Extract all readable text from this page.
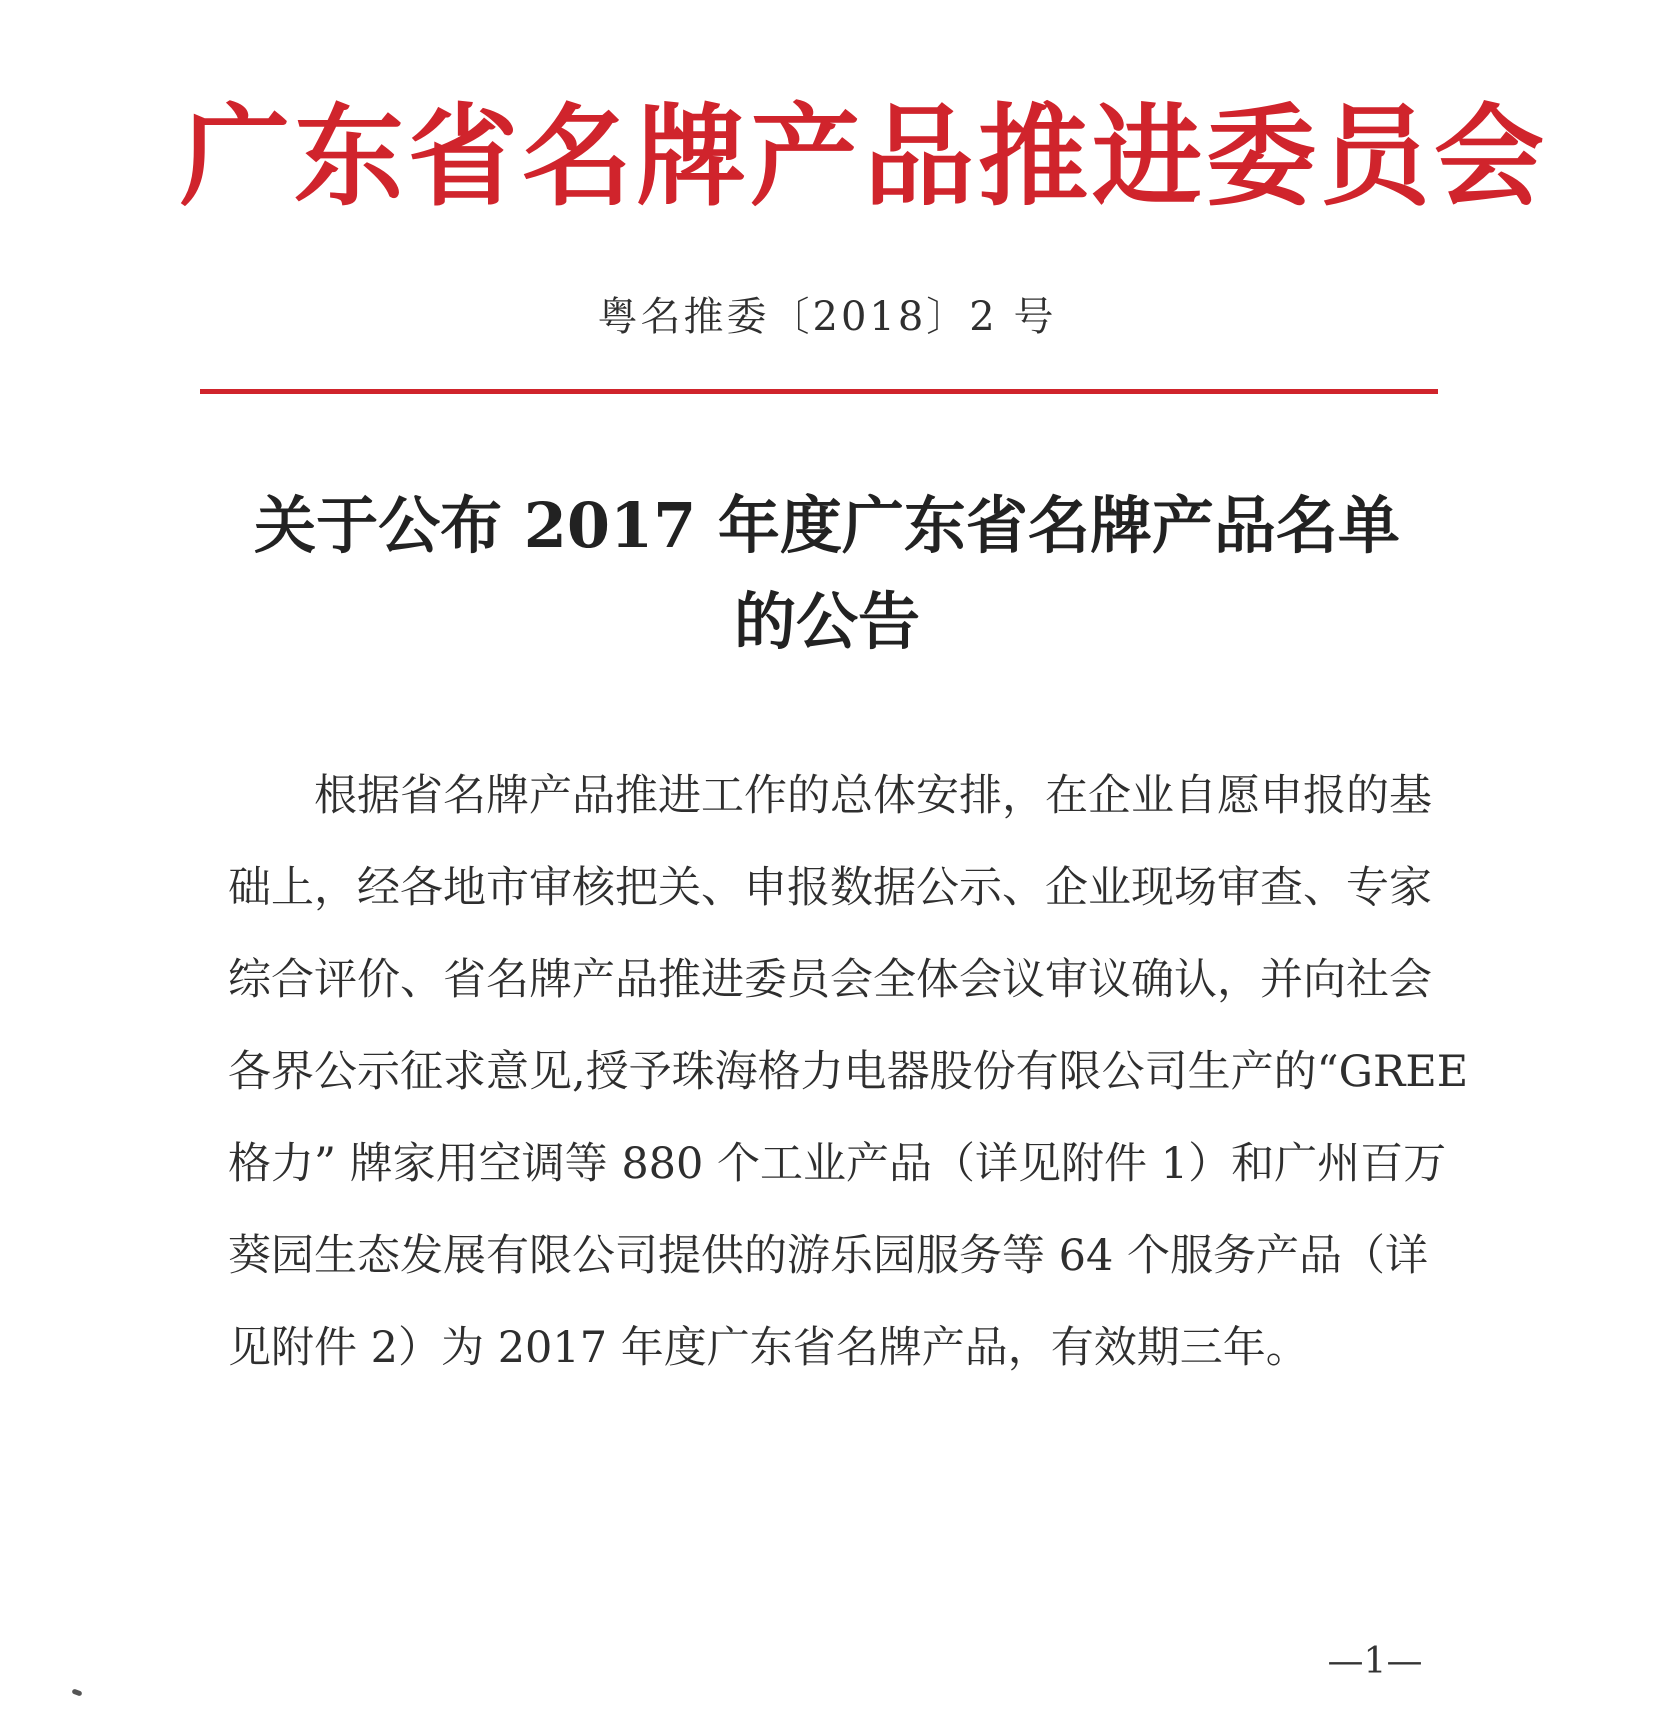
广东省名牌产品推进委员会
粤名推委〔2018〕2 号
关于公布 2017 年度广东省名牌产品名单
的公告
根据省名牌产品推进工作的总体安排，在企业自愿申报的基
础上，经各地市审核把关、申报数据公示、企业现场审查、专家
综合评价、省名牌产品推进委员会全体会议审议确认，并向社会
各界公示征求意见,授予珠海格力电器股份有限公司生产的“GREE
格力” 牌家用空调等 880 个工业产品（详见附件 1）和广州百万
葵园生态发展有限公司提供的游乐园服务等 64 个服务产品（详
见附件 2）为 2017 年度广东省名牌产品，有效期三年。
—1—
